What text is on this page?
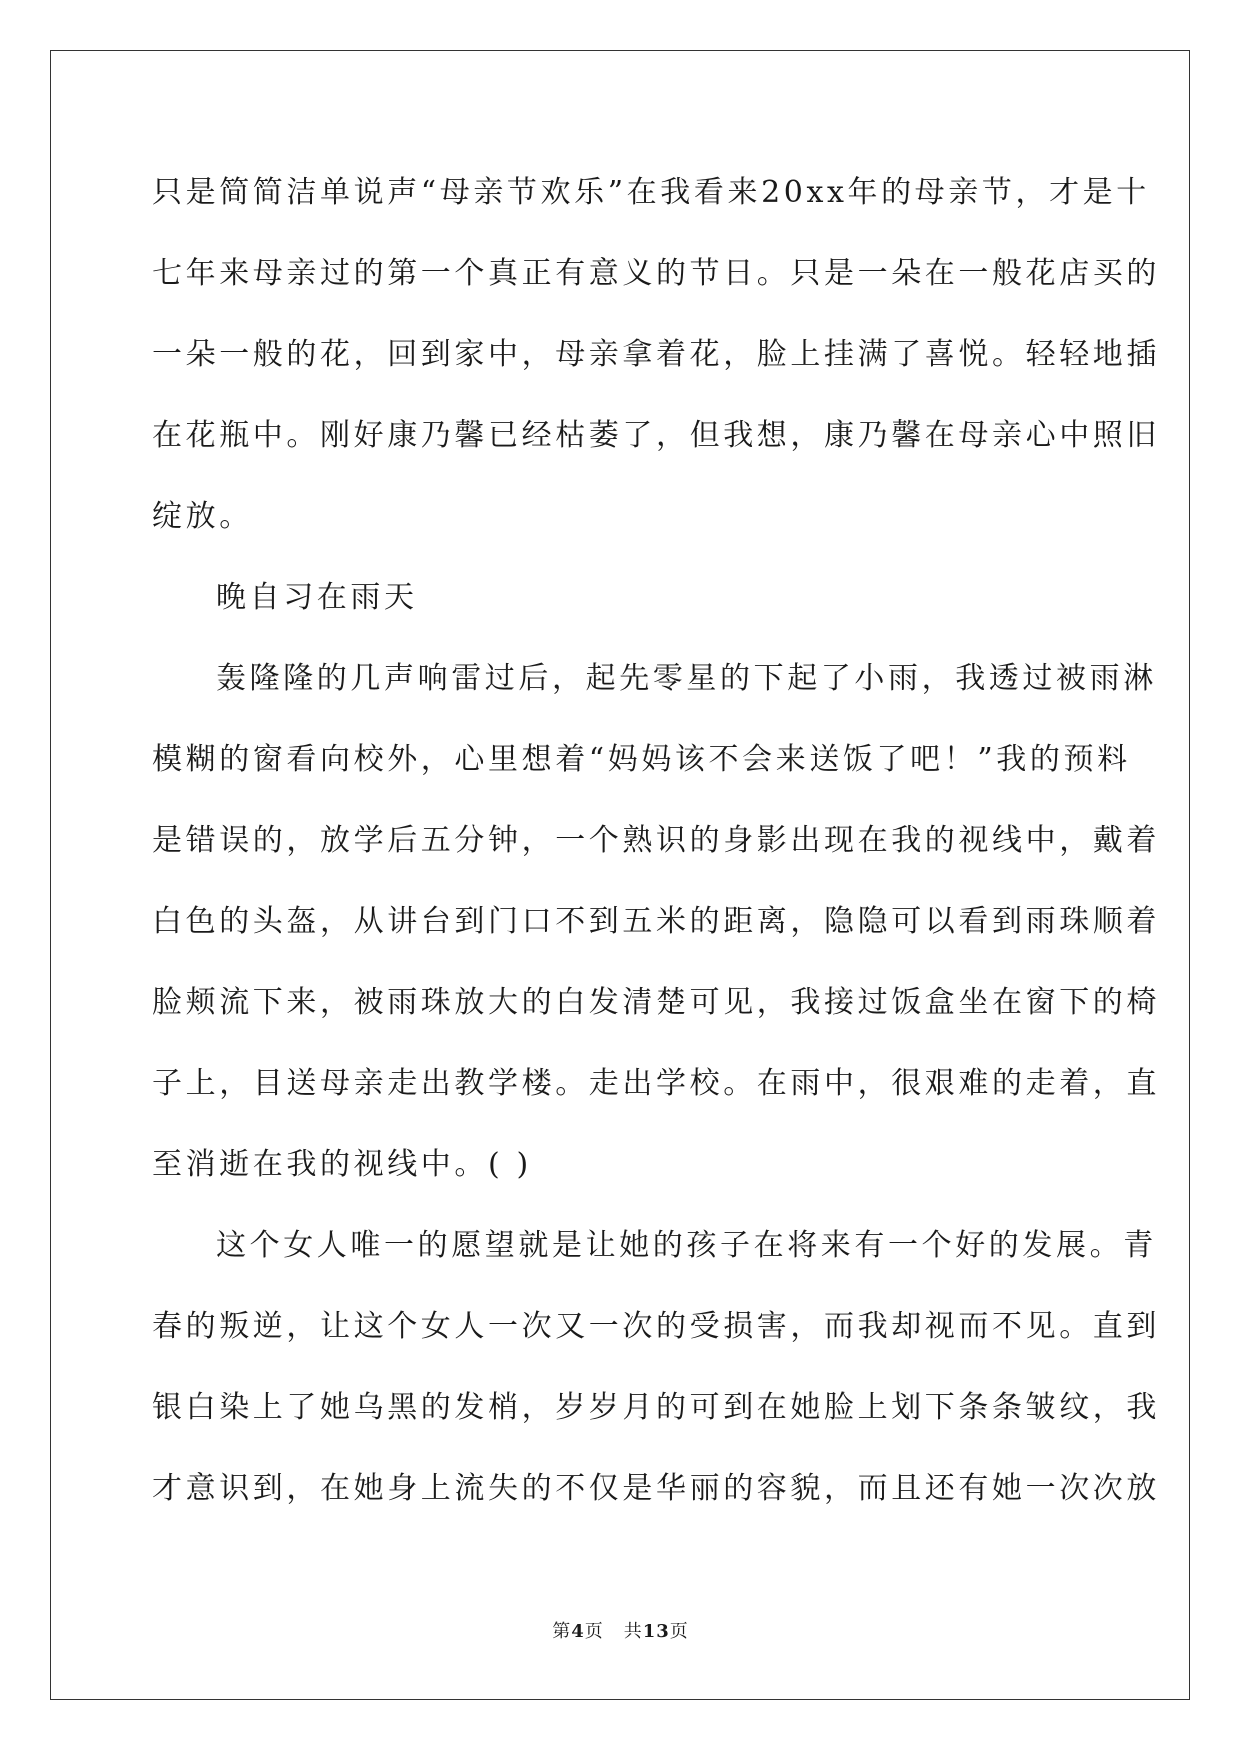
只是简简洁单说声“母亲节欢乐”在我看来20xx年的母亲节，才是十
七年来母亲过的第一个真正有意义的节日。只是一朵在一般花店买的
一朵一般的花，回到家中，母亲拿着花，脸上挂满了喜悦。轻轻地插
在花瓶中。刚好康乃馨已经枯萎了，但我想，康乃馨在母亲心中照旧
绽放。
晚自习在雨天
轰隆隆的几声响雷过后，起先零星的下起了小雨，我透过被雨淋
模糊的窗看向校外，心里想着“妈妈该不会来送饭了吧！”我的预料
是错误的，放学后五分钟，一个熟识的身影出现在我的视线中，戴着
白色的头盔，从讲台到门口不到五米的距离，隐隐可以看到雨珠顺着
脸颊流下来，被雨珠放大的白发清楚可见，我接过饭盒坐在窗下的椅
子上，目送母亲走出教学楼。走出学校。在雨中，很艰难的走着，直
至消逝在我的视线中。( )
这个女人唯一的愿望就是让她的孩子在将来有一个好的发展。青
春的叛逆，让这个女人一次又一次的受损害，而我却视而不见。直到
银白染上了她乌黑的发梢，岁岁月的可到在她脸上划下条条皱纹，我
才意识到，在她身上流失的不仅是华丽的容貌，而且还有她一次次放
第4页 共13页
